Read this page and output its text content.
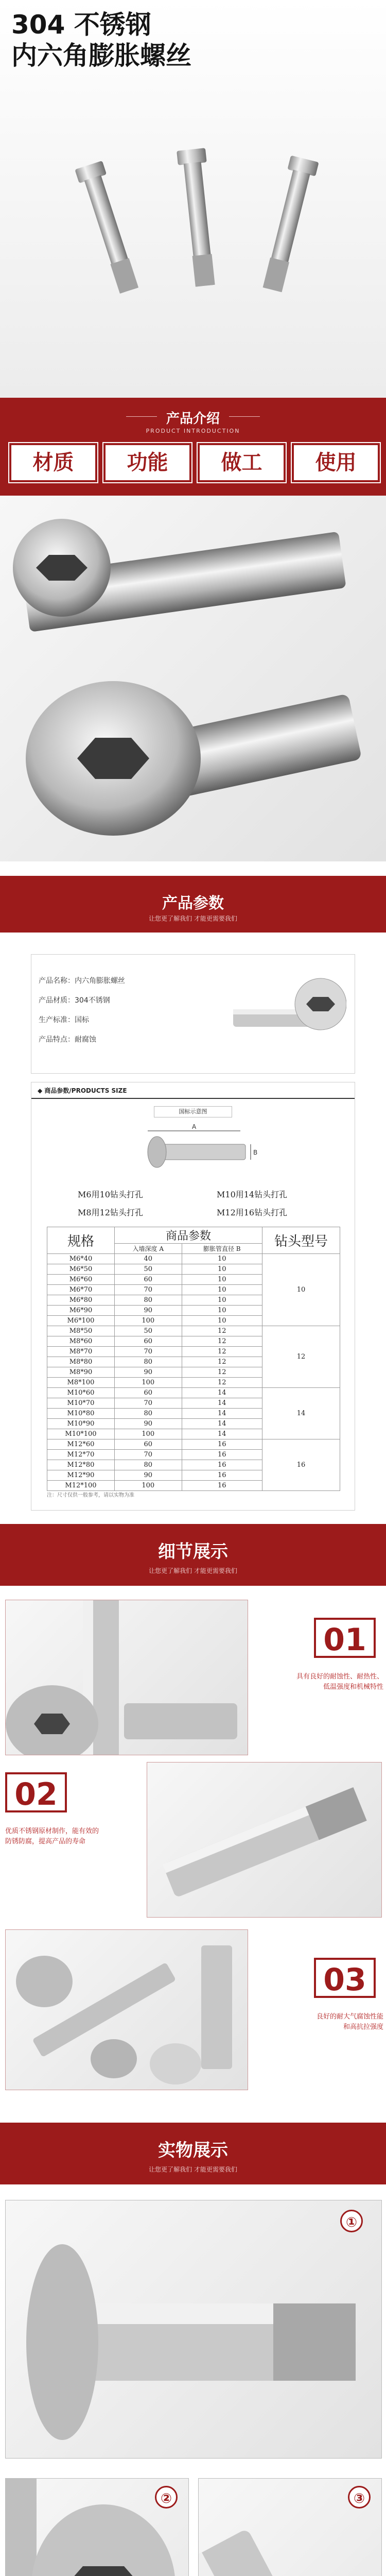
304 不锈钢
内六角膨胀螺丝
产品介绍
PRODUCT INTRODUCTION
材质	功能	做工	使用
产品参数
让您更了解我们 才能更需要我们
产品名称：内六角膨胀螺丝
产品材质：304不锈钢
生产标准：国标
产品特点：耐腐蚀
◆ 商品参数/PRODUCTS SIZE
国标示意图
A
B
M6用10钻头打孔	M10用14钻头打孔
M8用12钻头打孔	M12用16钻头打孔
规格	商品参数		钻头型号
	入墙深度 A	膨胀管直径 B	
M6*40	40	10	10
M6*50	50	10	
M6*60	60	10	
M6*70	70	10	
M6*80	80	10	
M6*90	90	10	
M6*100	100	10	
M8*50	50	12	12
M8*60	60	12	
M8*70	70	12	
M8*80	80	12	
M8*90	90	12	
M8*100	100	12	
M10*60	60	14	14
M10*70	70	14	
M10*80	80	14	
M10*90	90	14	
M10*100	100	14	
M12*60	60	16	16
M12*70	70	16	
M12*80	80	16	
M12*90	90	16	
M12*100	100	16	
注：尺寸仅供一般参考，请以实物为准
细节展示
让您更了解我们 才能更需要我们
01
具有良好的耐蚀性、耐热性、
低温强度和机械特性
02
优质不锈钢原材制作，能有效的
防锈防腐，提高产品的寿命
03
良好的耐大气腐蚀性能
和高抗拉强度
实物展示
让您更了解我们 才能更需要我们
①
②	③
